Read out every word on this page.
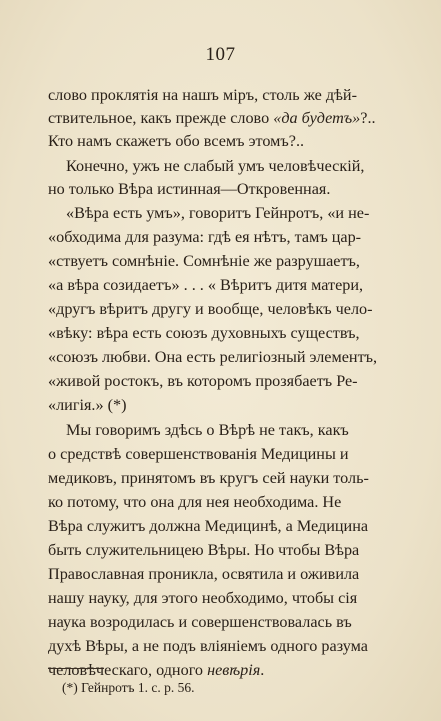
107
слово проклятія на нашъ міръ, столь же дѣй-
ствительное, какъ прежде слово «да будетъ»?..
Кто намъ скажетъ обо всемъ этомъ?..
Конечно, ужъ не слабый умъ человѣческій,
но только Вѣра истинная—Откровенная.
«Вѣра есть умъ», говоритъ Гейнротъ, «и не-
«обходима для разума: гдѣ ея нѣтъ, тамъ цар-
«ствуетъ сомнѣніе. Сомнѣніе же разрушаетъ,
«а вѣра созидаетъ» . . . « Вѣритъ дитя матери,
«другъ вѣритъ другу и вообще, человѣкъ чело-
«вѣку: вѣра есть союзъ духовныхъ существъ,
«союзъ любви. Она есть религіозный элементъ,
«живой ростокъ, въ которомъ прозябаетъ Ре-
«лигія.» (*)
Мы говоримъ здѣсь о Вѣрѣ не такъ, какъ
о средствѣ совершенствованія Медицины и
медиковъ, принятомъ въ кругъ сей науки толь-
ко потому, что она для нея необходима. Не
Вѣра служитъ должна Медицинѣ, а Медицина
быть служительницею Вѣры. Но чтобы Вѣра
Православная проникла, освятила и оживила
нашу науку, для этого необходимо, чтобы сія
наука возродилась и совершенствовалась въ
духѣ Вѣры, а не подъ вліяніемъ одного разума
человѣческаго, одного невѣрія.
(*) Гейнротъ 1. с. р. 56.
